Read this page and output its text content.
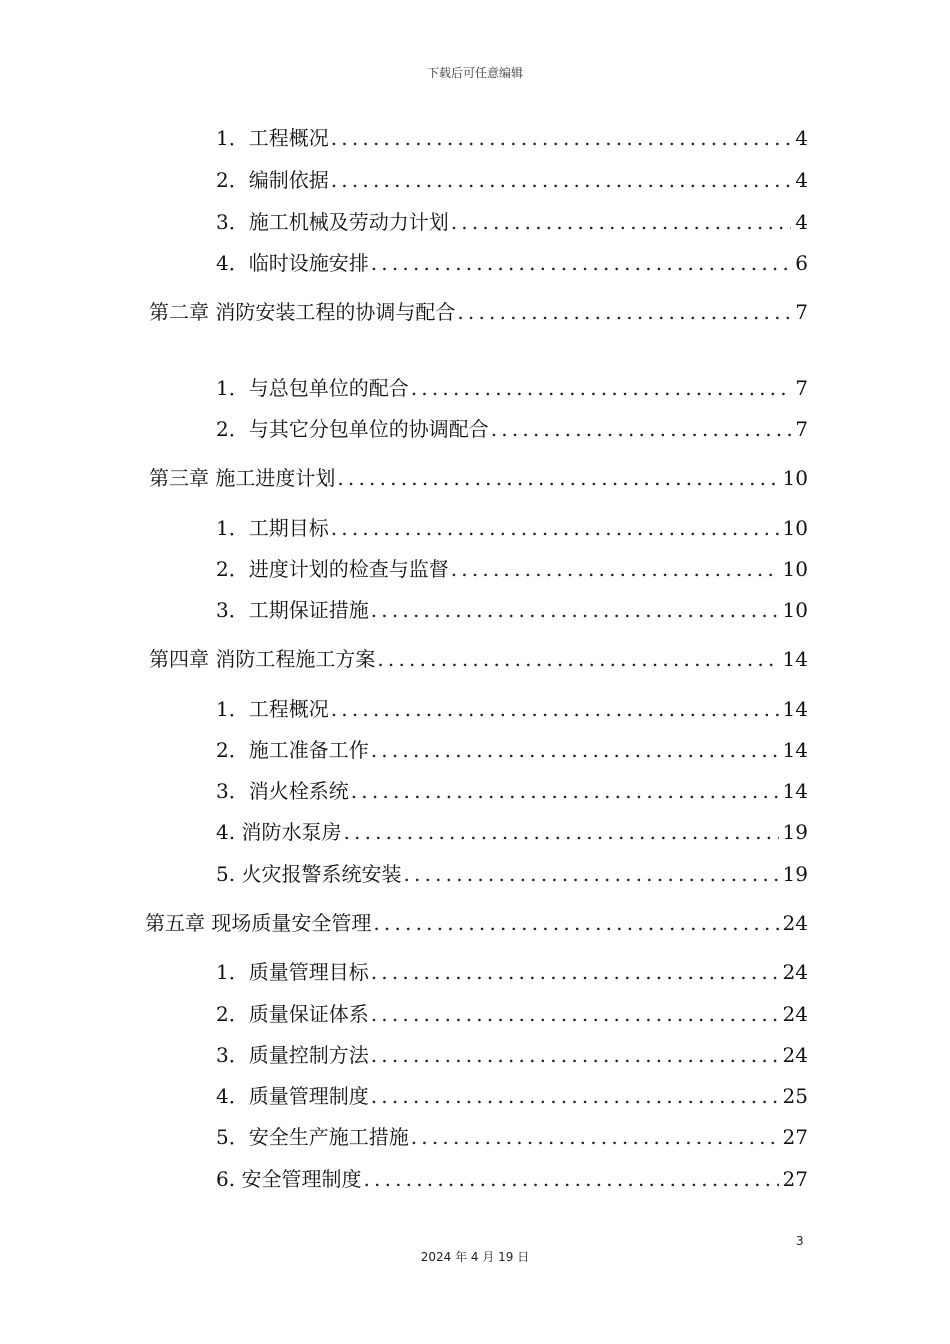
下载后可任意编辑
1．工程概况 .....	4
2．编制依据 .....	4
3．施工机械及劳动力计划 .....	4
4．临时设施安排 .....	6
第二章 消防安装工程的协调与配合 .....	7
1．与总包单位的配合 .....	7
2．与其它分包单位的协调配合 .....	7
第三章 施工进度计划 .....	10
1．工期目标 .....	10
2．进度计划的检查与监督 .....	10
3．工期保证措施 .....	10
第四章 消防工程施工方案 .....	14
1．工程概况 .....	14
2．施工准备工作 .....	14
3．消火栓系统 .....	14
4. 消防水泵房 .....	19
5. 火灾报警系统安装 .....	19
第五章 现场质量安全管理 .....	24
1．质量管理目标 .....	24
2．质量保证体系 .....	24
3．质量控制方法 .....	24
4．质量管理制度 .....	25
5．安全生产施工措施 .....	27
6. 安全管理制度 .....	27
3
2024 年 4 月 19 日
